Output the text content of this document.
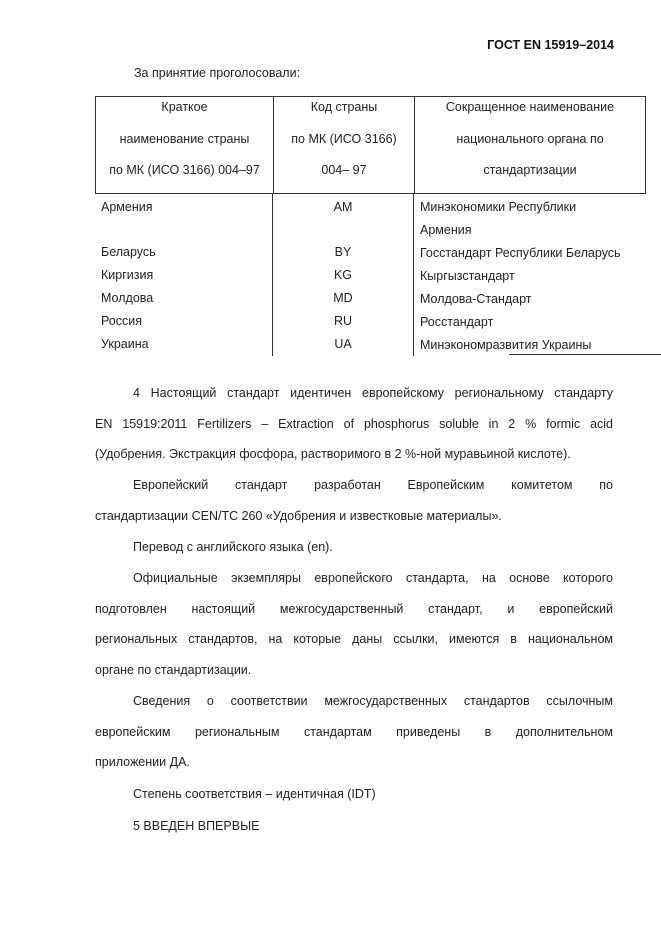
ГОСТ EN 15919–2014
За принятие проголосовали:
Краткое
наименование страны
по МК (ИСО 3166) 004–97
Код страны
по МК (ИСО 3166)
004– 97
Сокращенное наименование
национального органа по
стандартизации
Армения
Беларусь
Киргизия
Молдова
Россия
Украина
AM
BY
KG
MD
RU
UA
Минэкономики Республики
Армения
Госстандарт Республики Беларусь
Кыргызстандарт
Молдова-Стандарт
Росстандарт
Минэкономразвития Украины
4 Настоящий стандарт идентичен европейскому региональному стандарту
EN 15919:2011 Fertilizers – Extraction of phosphorus soluble in 2 % formic acid
(Удобрения. Экстракция фосфора, растворимого в 2 %-ной муравьиной кислоте).
Европейский стандарт разработан Европейским комитетом по
стандартизации CEN/TC 260 «Удобрения и известковые материалы».
Перевод с английского языка (en).
Официальные экземпляры европейского стандарта, на основе которого
подготовлен настоящий межгосударственный стандарт, и европейский
региональных стандартов, на которые даны ссылки, имеются в национальном
органе по стандартизации.
Сведения о соответствии межгосударственных стандартов ссылочным
европейским региональным стандартам приведены в дополнительном
приложении ДА.
Степень соответствия – идентичная (IDT)
5 ВВЕДЕН ВПЕРВЫЕ
